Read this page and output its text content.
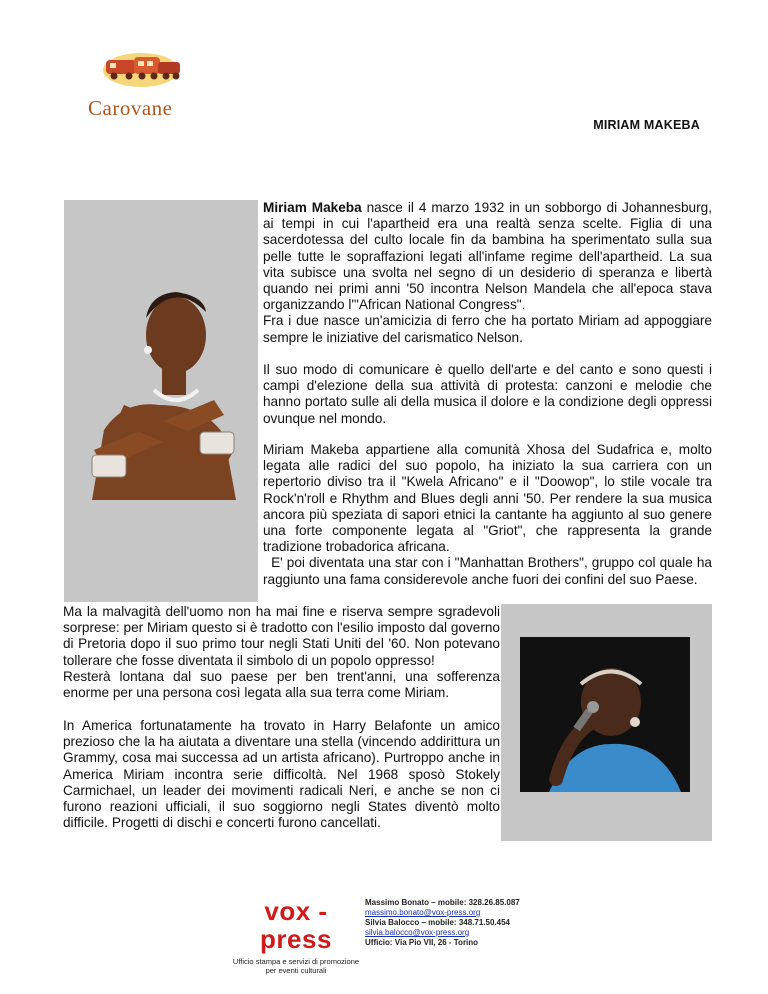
Carovane
MIRIAM MAKEBA

Miriam Makeba nasce il 4 marzo 1932 in un sobborgo di Johannesburg, ai tempi in cui l'apartheid era una realtà senza scelte. Figlia di una sacerdotessa del culto locale fin da bambina ha sperimentato sulla sua pelle tutte le sopraffazioni legati all'infame regime dell'apartheid. La sua vita subisce una svolta nel segno di un desiderio di speranza e libertà quando nei primi anni '50 incontra Nelson Mandela che all'epoca stava organizzando l'"African National Congress".
Fra i due nasce un'amicizia di ferro che ha portato Miriam ad appoggiare sempre le iniziative del carismatico Nelson.

Il suo modo di comunicare è quello dell'arte e del canto e sono questi i campi d'elezione della sua attività di protesta: canzoni e melodie che hanno portato sulle ali della musica il dolore e la condizione degli oppressi ovunque nel mondo.

Miriam Makeba appartiene alla comunità Xhosa del Sudafrica e, molto legata alle radici del suo popolo, ha iniziato la sua carriera con un repertorio diviso tra il "Kwela Africano" e il "Doowop", lo stile vocale tra Rock'n'roll e Rhythm and Blues degli anni '50. Per rendere la sua musica ancora più speziata di sapori etnici la cantante ha aggiunto al suo genere una forte componente legata al "Griot", che rappresenta la grande tradizione trobadorica africana.
E' poi diventata una star con i "Manhattan Brothers", gruppo col quale ha raggiunto una fama considerevole anche fuori dei confini del suo Paese.

Ma la malvagità dell'uomo non ha mai fine e riserva sempre sgradevoli sorprese: per Miriam questo si è tradotto con l'esilio imposto dal governo di Pretoria dopo il suo primo tour negli Stati Uniti del '60. Non potevano tollerare che fosse diventata il simbolo di un popolo oppresso!
Resterà lontana dal suo paese per ben trent'anni, una sofferenza enorme per una persona così legata alla sua terra come Miriam.

In America fortunatamente ha trovato in Harry Belafonte un amico prezioso che la ha aiutata a diventare una stella (vincendo addirittura un Grammy, cosa mai successa ad un artista africano). Purtroppo anche in America Miriam incontra serie difficoltà. Nel 1968 sposò Stokely Carmichael, un leader dei movimenti radicali Neri, e anche se non ci furono reazioni ufficiali, il suo soggiorno negli States diventò molto difficile. Progetti di dischi e concerti furono cancellati.

vox - press
Ufficio stampa e servizi di promozione per eventi culturali
Massimo Bonato – mobile: 328.26.85.087
massimo.bonato@vox-press.org
Silvia Balocco – mobile: 348.71.50.454
silvia.balocco@vox-press.org
Ufficio: Via Pio VII, 26 - Torino
